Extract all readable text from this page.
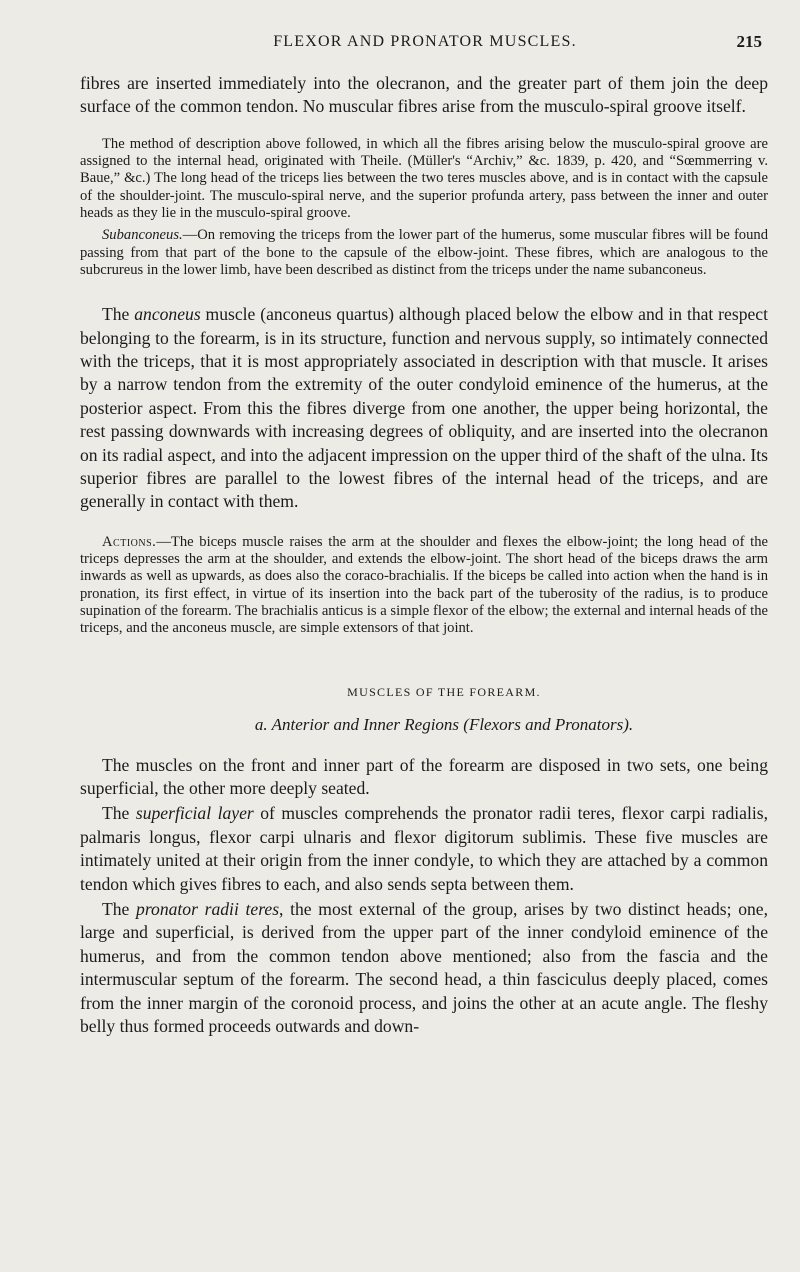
FLEXOR AND PRONATOR MUSCLES.	215

fibres are inserted immediately into the olecranon, and the greater part of them join the deep surface of the common tendon. No muscular fibres arise from the musculo-spiral groove itself.

The method of description above followed, in which all the fibres arising below the musculo-spiral groove are assigned to the internal head, originated with Theile. (Müller's “Archiv,” &c. 1839, p. 420, and “Sœmmerring v. Baue,” &c.) The long head of the triceps lies between the two teres muscles above, and is in contact with the capsule of the shoulder-joint. The musculo-spiral nerve, and the superior profunda artery, pass between the inner and outer heads as they lie in the musculo-spiral groove.

Subanconeus.—On removing the triceps from the lower part of the humerus, some muscular fibres will be found passing from that part of the bone to the capsule of the elbow-joint. These fibres, which are analogous to the subcrureus in the lower limb, have been described as distinct from the triceps under the name subanconeus.

The anconeus muscle (anconeus quartus) although placed below the elbow and in that respect belonging to the forearm, is in its structure, function and nervous supply, so intimately connected with the triceps, that it is most appropriately associated in description with that muscle. It arises by a narrow tendon from the extremity of the outer condyloid eminence of the humerus, at the posterior aspect. From this the fibres diverge from one another, the upper being horizontal, the rest passing downwards with increasing degrees of obliquity, and are inserted into the olecranon on its radial aspect, and into the adjacent impression on the upper third of the shaft of the ulna. Its superior fibres are parallel to the lowest fibres of the internal head of the triceps, and are generally in contact with them.

Actions.—The biceps muscle raises the arm at the shoulder and flexes the elbow-joint; the long head of the triceps depresses the arm at the shoulder, and extends the elbow-joint. The short head of the biceps draws the arm inwards as well as upwards, as does also the coraco-brachialis. If the biceps be called into action when the hand is in pronation, its first effect, in virtue of its insertion into the back part of the tuberosity of the radius, is to produce supination of the forearm. The brachialis anticus is a simple flexor of the elbow; the external and internal heads of the triceps, and the anconeus muscle, are simple extensors of that joint.

MUSCLES OF THE FOREARM.
a. Anterior and Inner Regions (Flexors and Pronators).

The muscles on the front and inner part of the forearm are disposed in two sets, one being superficial, the other more deeply seated.

The superficial layer of muscles comprehends the pronator radii teres, flexor carpi radialis, palmaris longus, flexor carpi ulnaris and flexor digitorum sublimis. These five muscles are intimately united at their origin from the inner condyle, to which they are attached by a common tendon which gives fibres to each, and also sends septa between them.

The pronator radii teres, the most external of the group, arises by two distinct heads; one, large and superficial, is derived from the upper part of the inner condyloid eminence of the humerus, and from the common tendon above mentioned; also from the fascia and the intermuscular septum of the forearm. The second head, a thin fasciculus deeply placed, comes from the inner margin of the coronoid process, and joins the other at an acute angle. The fleshy belly thus formed proceeds outwards and down-
